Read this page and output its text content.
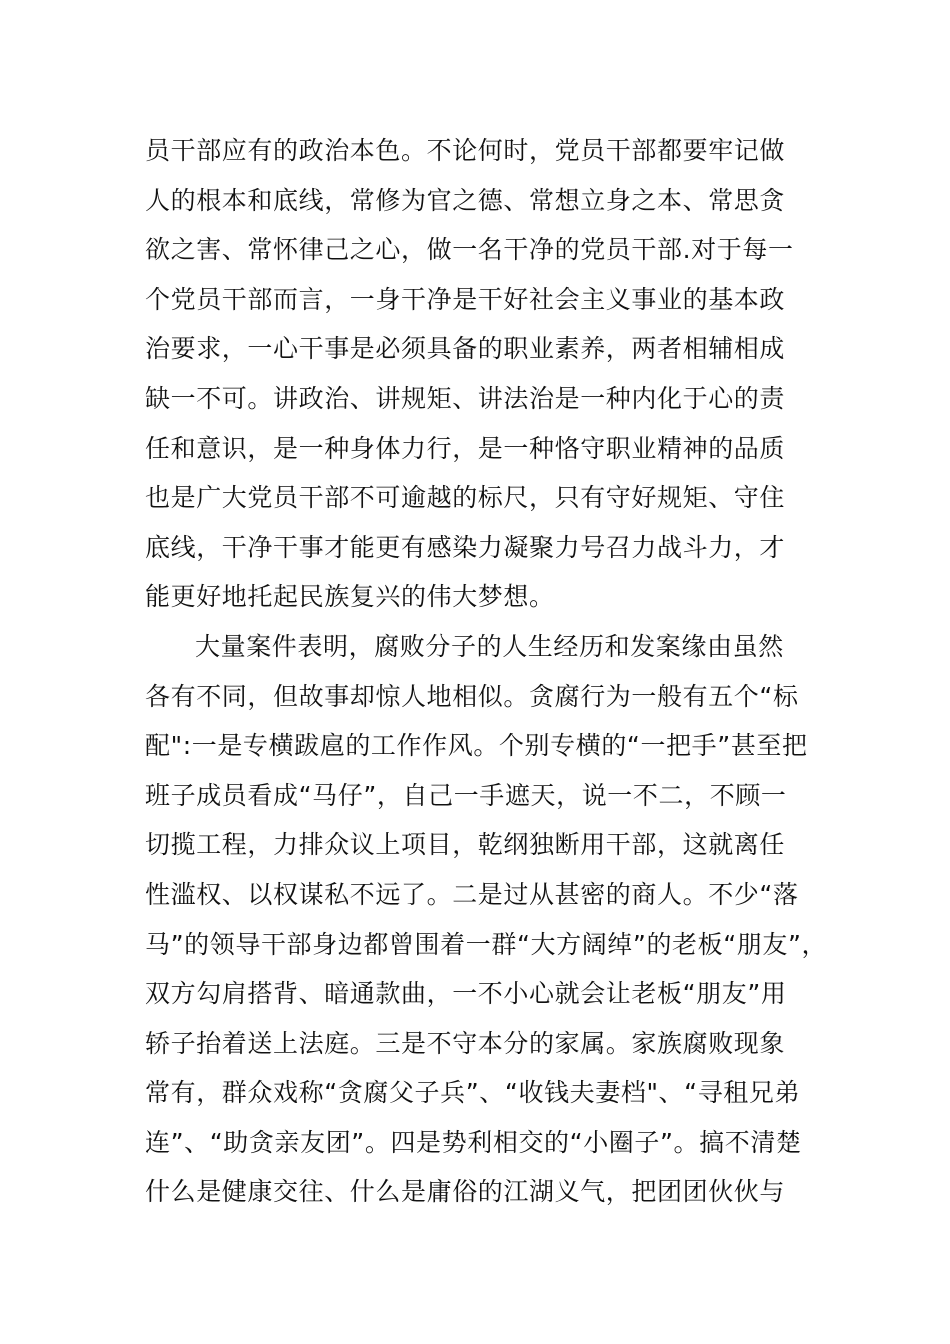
员干部应有的政治本色。不论何时，党员干部都要牢记做
人的根本和底线，常修为官之德、常想立身之本、常思贪
欲之害、常怀律己之心，做一名干净的党员干部.对于每一
个党员干部而言，一身干净是干好社会主义事业的基本政
治要求，一心干事是必须具备的职业素养，两者相辅相成
缺一不可。讲政治、讲规矩、讲法治是一种内化于心的责
任和意识，是一种身体力行，是一种恪守职业精神的品质
也是广大党员干部不可逾越的标尺，只有守好规矩、守住
底线，干净干事才能更有感染力凝聚力号召力战斗力，才
能更好地托起民族复兴的伟大梦想。
大量案件表明，腐败分子的人生经历和发案缘由虽然
各有不同，但故事却惊人地相似。贪腐行为一般有五个“标
配":一是专横跋扈的工作作风。个别专横的“一把手”甚至把
班子成员看成“马仔”，自己一手遮天，说一不二，不顾一
切揽工程，力排众议上项目，乾纲独断用干部，这就离任
性滥权、以权谋私不远了。二是过从甚密的商人。不少“落
马”的领导干部身边都曾围着一群“大方阔绰”的老板“朋友”，
双方勾肩搭背、暗通款曲，一不小心就会让老板“朋友”用
轿子抬着送上法庭。三是不守本分的家属。家族腐败现象
常有，群众戏称“贪腐父子兵”、“收钱夫妻档"、“寻租兄弟
连”、“助贪亲友团”。四是势利相交的“小圈子”。搞不清楚
什么是健康交往、什么是庸俗的江湖义气，把团团伙伙与
